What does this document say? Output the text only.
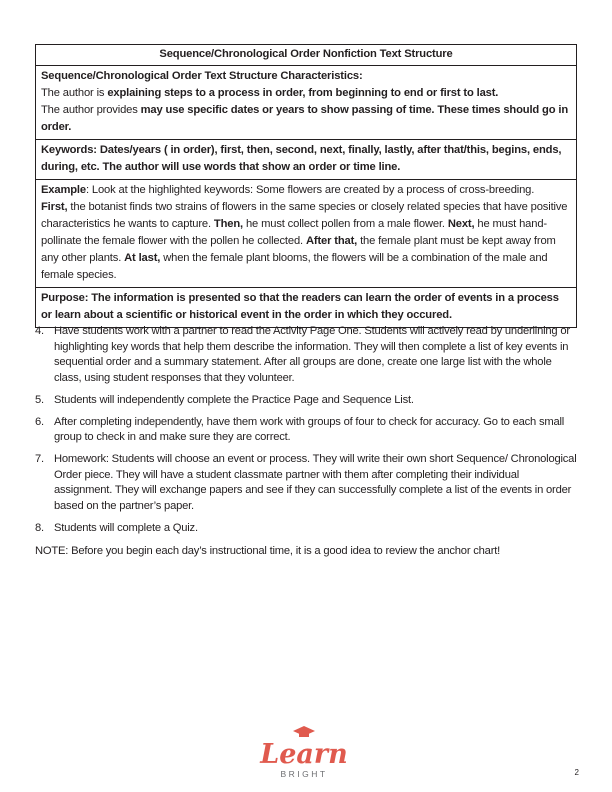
Sequence/Chronological Order Nonfiction Text Structure
Sequence/Chronological Order Text Structure Characteristics:
The author is explaining steps to a process in order, from beginning to end or first to last.
The author provides may use specific dates or years to show passing of time. These times should go in order.
Keywords: Dates/years ( in order), first, then, second, next, finally, lastly, after that/this, begins, ends, during, etc. The author will use words that show an order or time line.
Example: Look at the highlighted keywords: Some flowers are created by a process of cross-breeding.
First, the botanist finds two strains of flowers in the same species or closely related species that have positive characteristics he wants to capture. Then, he must collect pollen from a male flower. Next, he must hand-pollinate the female flower with the pollen he collected. After that, the female plant must be kept away from any other plants. At last, when the female plant blooms, the flowers will be a combination of the male and female species.
Purpose: The information is presented so that the readers can learn the order of events in a process or learn about a scientific or historical event in the order in which they occured.
4. Have students work with a partner to read the Activity Page One. Students will actively read by underlining or highlighting key words that help them describe the information. They will then complete a list of key events in sequential order and a summary statement. After all groups are done, create one large list with the whole class, using student responses that they volunteer.
5. Students will independently complete the Practice Page and Sequence List.
6. After completing independently, have them work with groups of four to check for accuracy. Go to each small group to check in and make sure they are correct.
7. Homework: Students will choose an event or process. They will write their own short Sequence/ Chronological Order piece. They will have a student classmate partner with them after completing their individual assignment. They will exchange papers and see if they can successfully complete a list of the events in order based on the partner’s paper.
8. Students will complete a Quiz.
NOTE: Before you begin each day’s instructional time, it is a good idea to review the anchor chart!
Learn
BRIGHT	2
